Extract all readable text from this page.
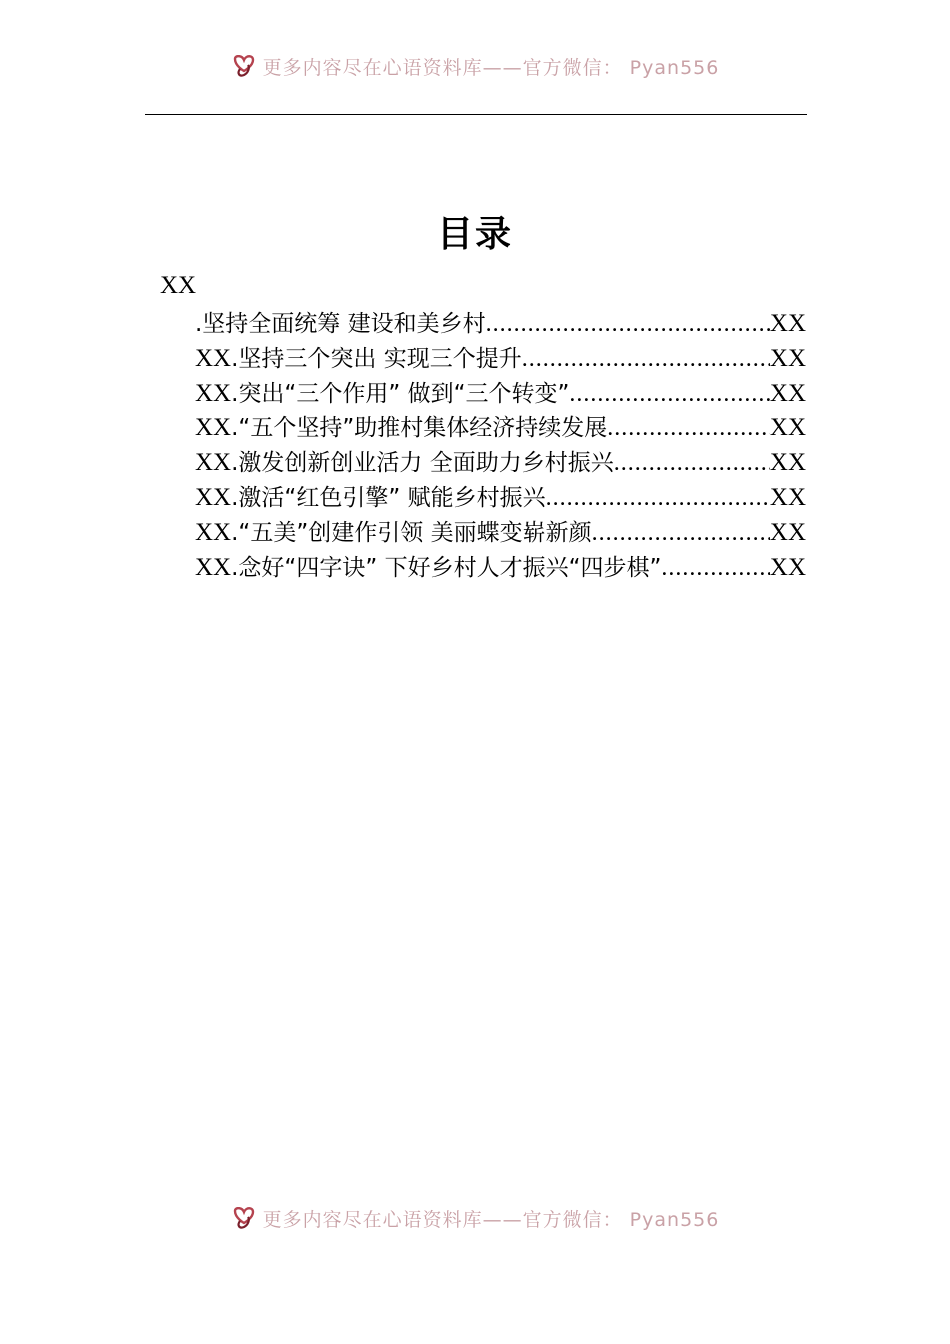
更多内容尽在心语资料库——官方微信： Pyan556
目录
XX
.坚持全面统筹 建设和美乡村 .....	XX
XX .坚持三个突出 实现三个提升 .....	XX
XX .突出“三个作用” 做到“三个转变” .....	XX
XX .“五个坚持”助推村集体经济持续发展 .....	XX
XX .激发创新创业活力 全面助力乡村振兴 .....	XX
XX .激活“红色引擎” 赋能乡村振兴 .....	XX
XX .“五美”创建作引领 美丽蝶变崭新颜 .....	XX
XX .念好“四字诀” 下好乡村人才振兴“四步棋” .....	XX
更多内容尽在心语资料库——官方微信： Pyan556
